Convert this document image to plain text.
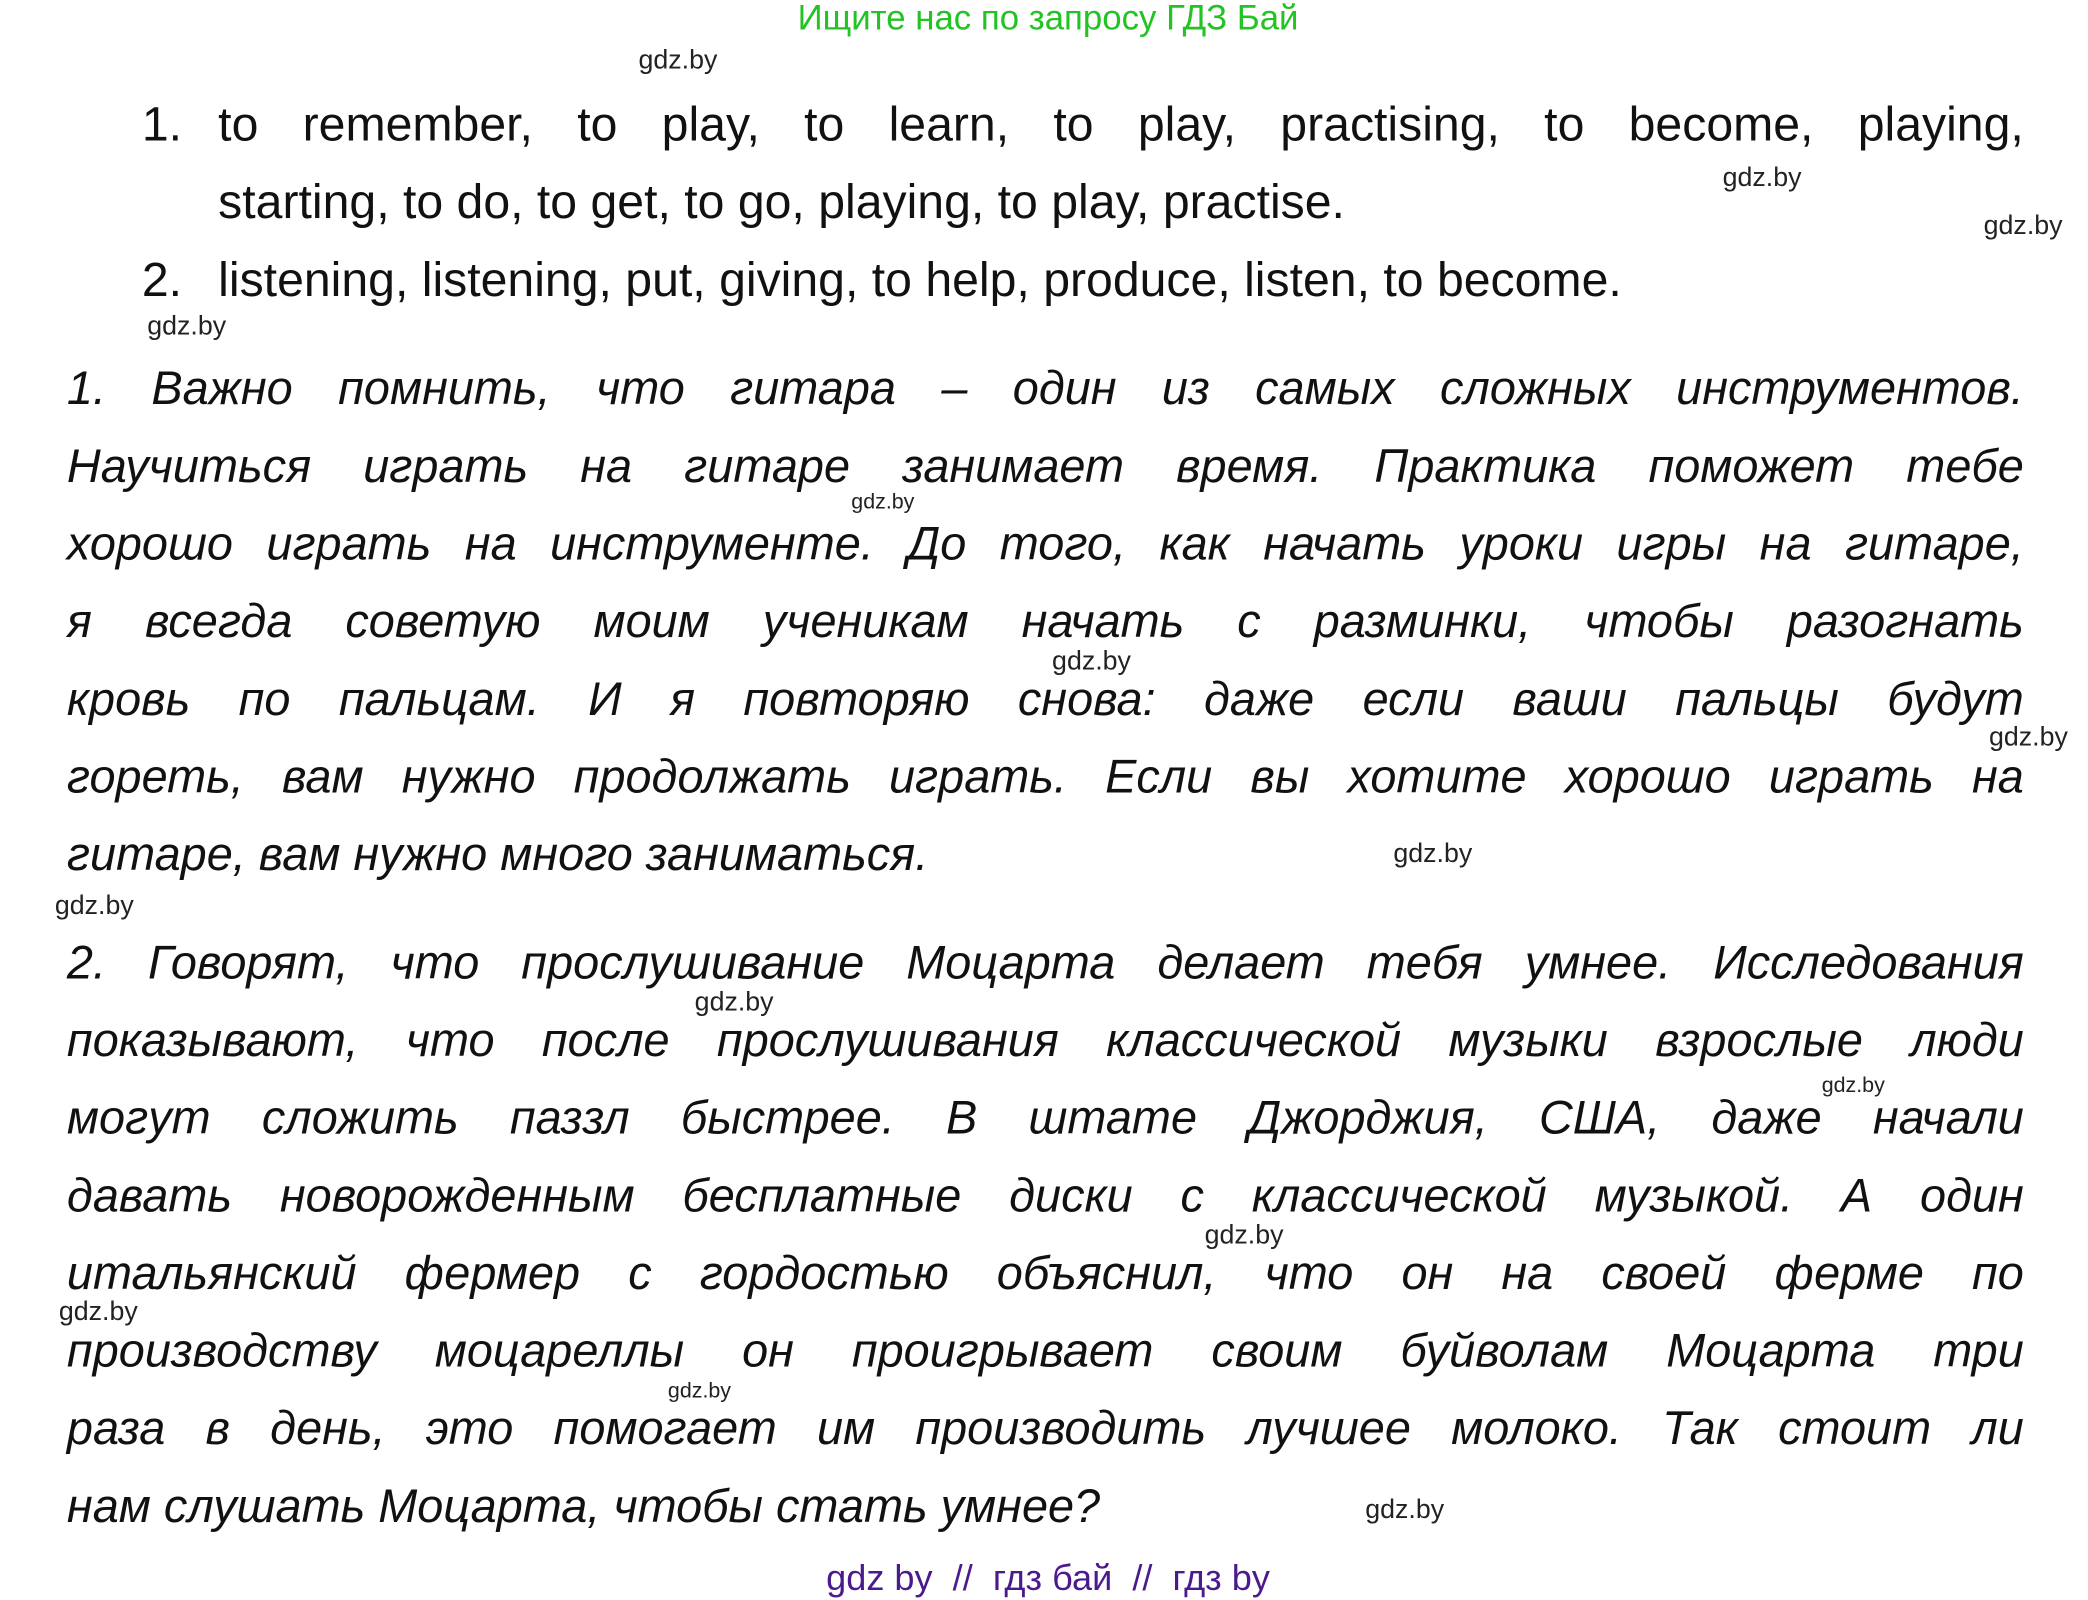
Ищите нас по запросу ГДЗ Бай
1. to remember, to play, to learn, to play, practising, to become, playing,
starting, to do, to get, to go, playing, to play, practise.
2. listening, listening, put, giving, to help, produce, listen, to become.
1. Важно помнить, что гитара – один из самых сложных инструментов.
Научиться играть на гитаре занимает время. Практика поможет тебе
хорошо играть на инструменте. До того, как начать уроки игры на гитаре,
я всегда советую моим ученикам начать с разминки, чтобы разогнать
кровь по пальцам. И я повторяю снова: даже если ваши пальцы будут
гореть, вам нужно продолжать играть. Если вы хотите хорошо играть на
гитаре, вам нужно много заниматься.
2. Говорят, что прослушивание Моцарта делает тебя умнее. Исследования
показывают, что после прослушивания классической музыки взрослые люди
могут сложить паззл быстрее. В штате Джорджия, США, даже начали
давать новорожденным бесплатные диски с классической музыкой. А один
итальянский фермер с гордостью объяснил, что он на своей ферме по
производству моцареллы он проигрывает своим буйволам Моцарта три
раза в день, это помогает им производить лучшее молоко. Так стоит ли
нам слушать Моцарта, чтобы стать умнее?
gdz.by
gdz.by
gdz.by
gdz.by
gdz.by
gdz.by
gdz.by
gdz.by
gdz.by
gdz.by
gdz.by
gdz.by
gdz.by
gdz.by
gdz.by
gdz by  //  гдз бай  //  гдз by
